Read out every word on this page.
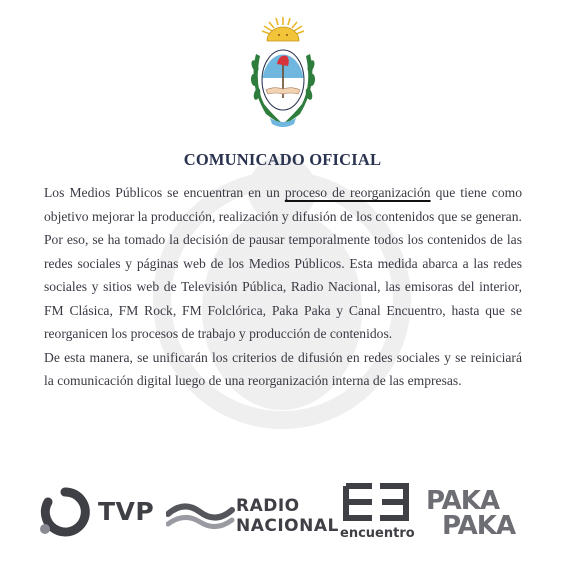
COMUNICADO OFICIAL

Los Medios Públicos se encuentran en un proceso de reorganización que tiene como objetivo mejorar la producción, realización y difusión de los contenidos que se generan.

Por eso, se ha tomado la decisión de pausar temporalmente todos los contenidos de las redes sociales y páginas web de los Medios Públicos. Esta medida abarca a las redes sociales y sitios web de Televisión Pública, Radio Nacional, las emisoras del interior, FM Clásica, FM Rock, FM Folclórica, Paka Paka y Canal Encuentro, hasta que se reorganicen los procesos de trabajo y producción de contenidos.

De esta manera, se unificarán los criterios de difusión en redes sociales y se reiniciará la comunicación digital luego de una reorganización interna de las empresas.

TVP	RADIO
NACIONAL encuentro
PAKA
PAKA
